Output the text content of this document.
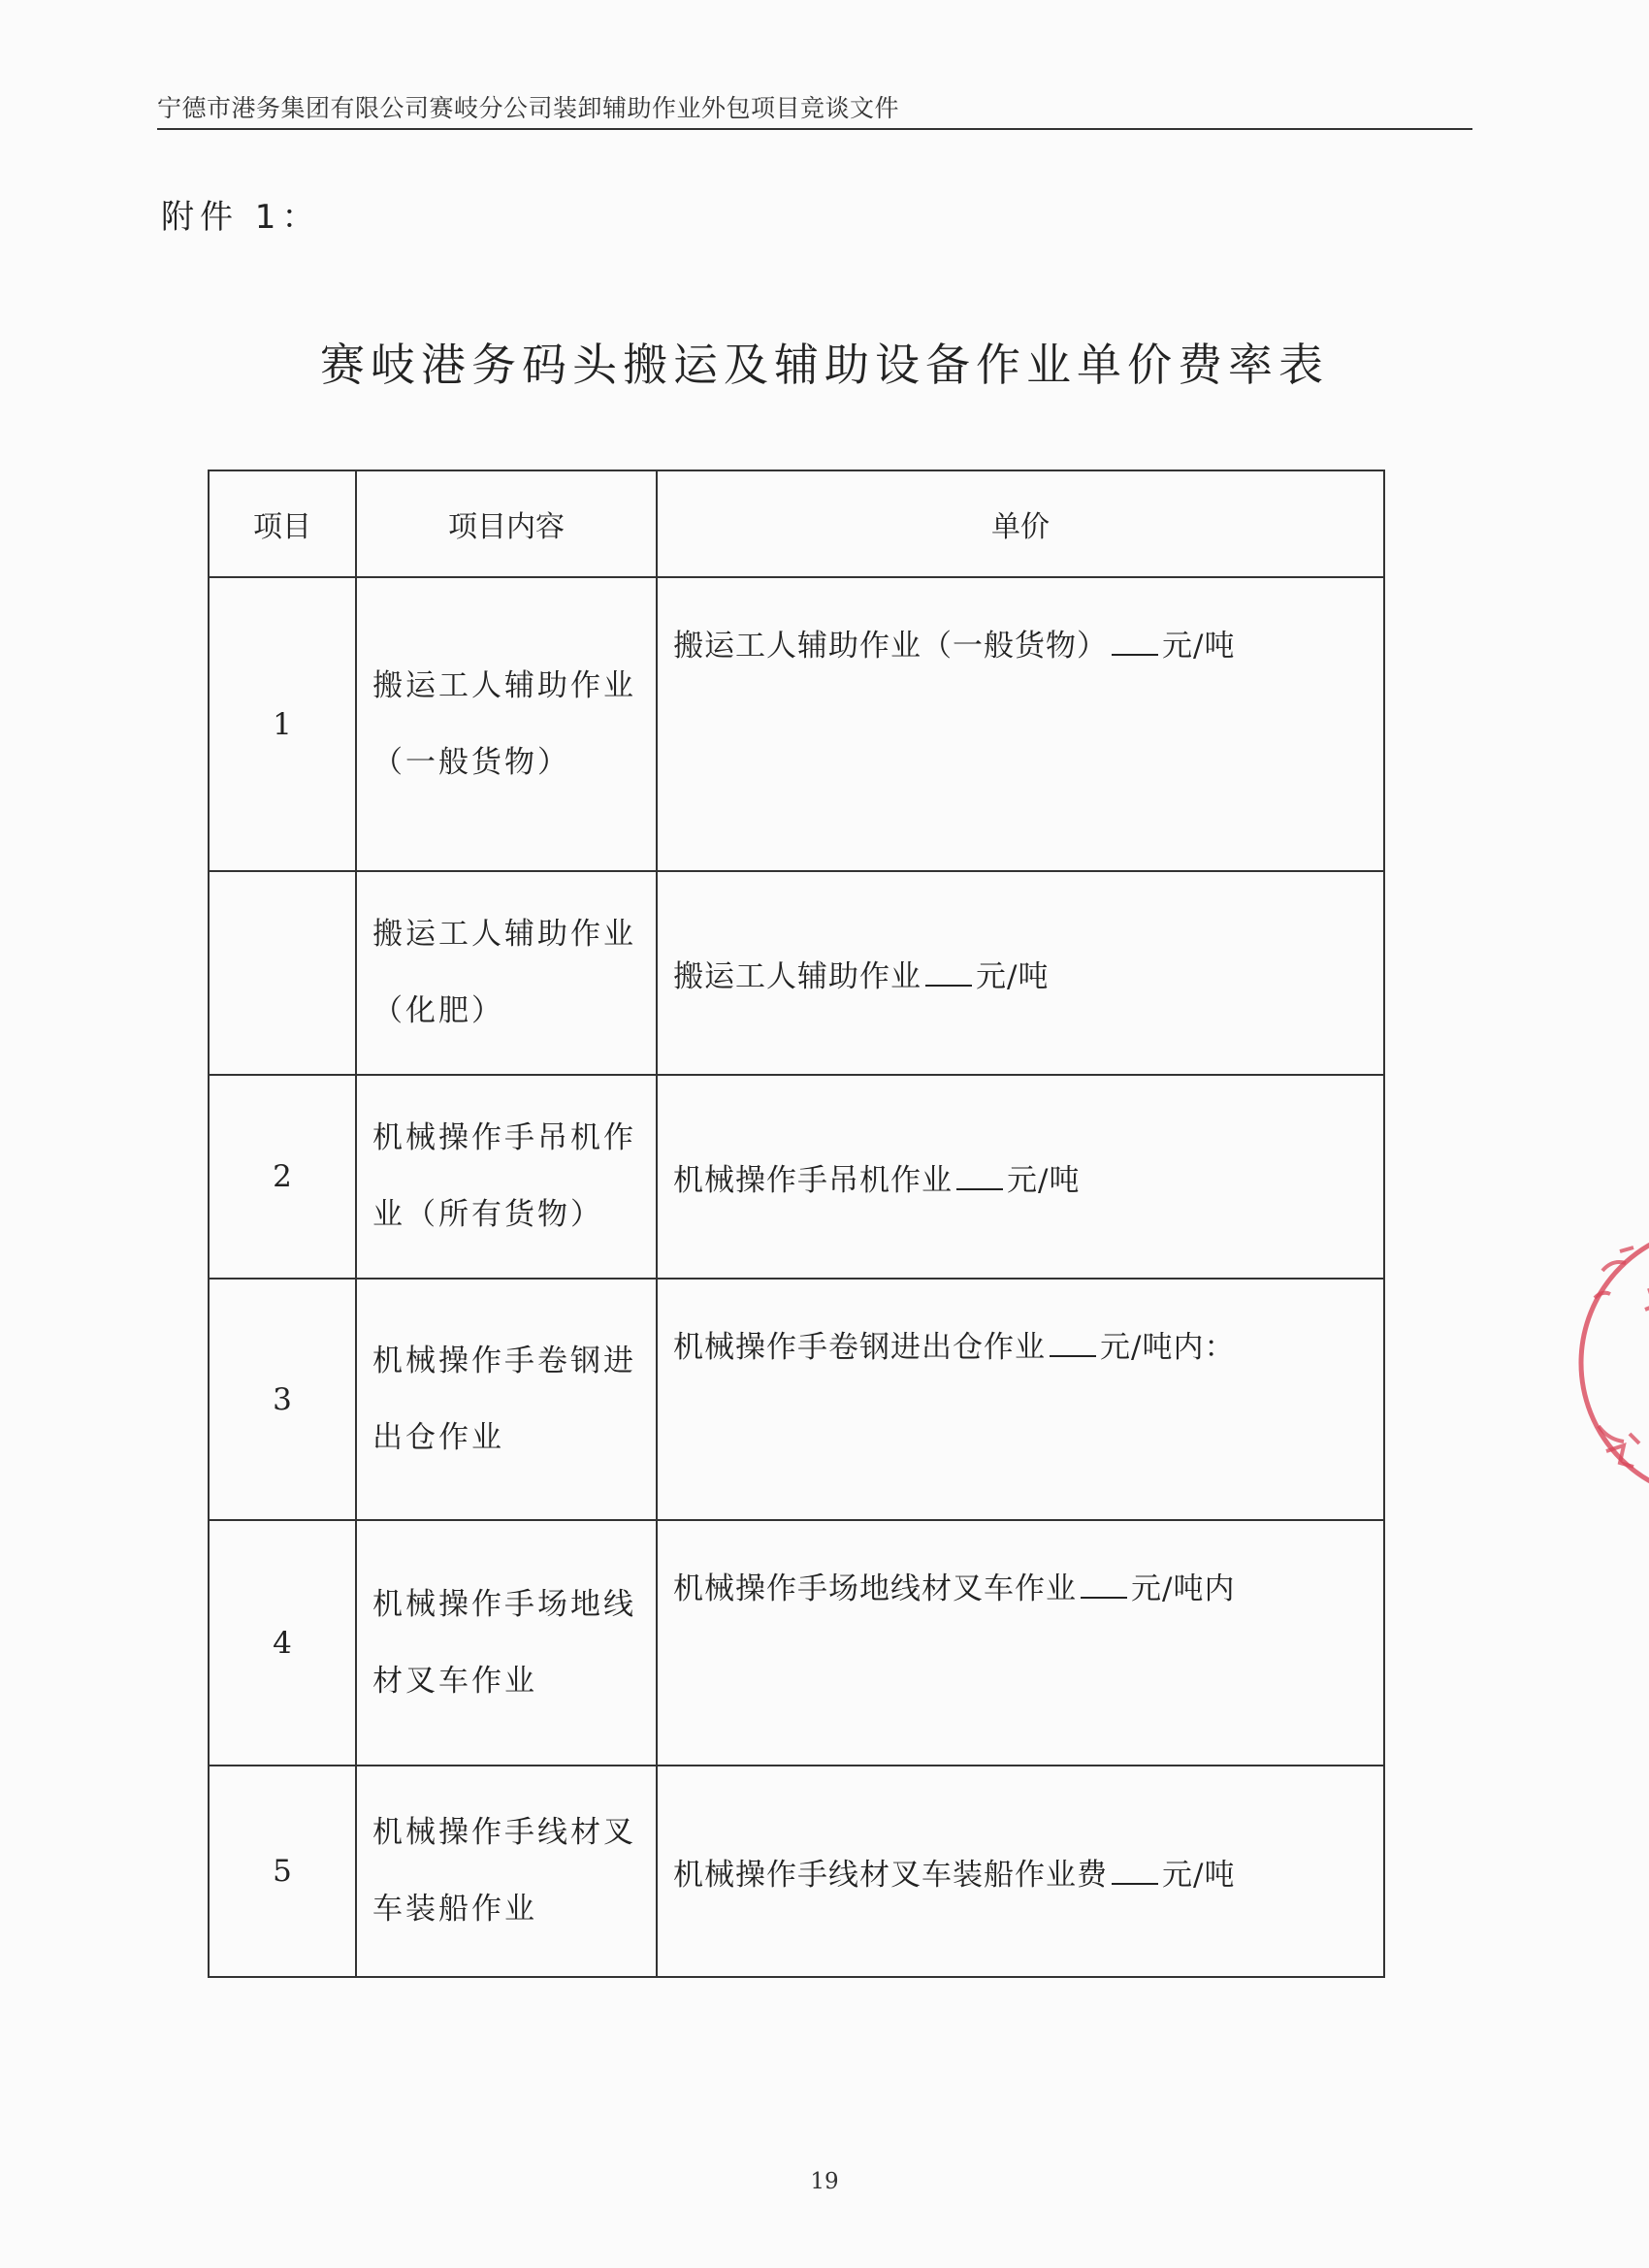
宁德市港务集团有限公司赛岐分公司装卸辅助作业外包项目竞谈文件
附件 1：
赛岐港务码头搬运及辅助设备作业单价费率表
项目	项目内容	单价
1	搬运工人辅助作业
（一般货物）	搬运工人辅助作业（一般货物） 元/吨

	搬运工人辅助作业
（化肥）	搬运工人辅助作业 元/吨
2	机械操作手吊机作
业（所有货物）	机械操作手吊机作业 元/吨
3	机械操作手卷钢进
出仓作业	机械操作手卷钢进出仓作业 元/吨内：
4	机械操作手场地线
材叉车作业	机械操作手场地线材叉车作业 元/吨内
5	机械操作手线材叉
车装船作业	机械操作手线材叉车装船作业费 元/吨
19
